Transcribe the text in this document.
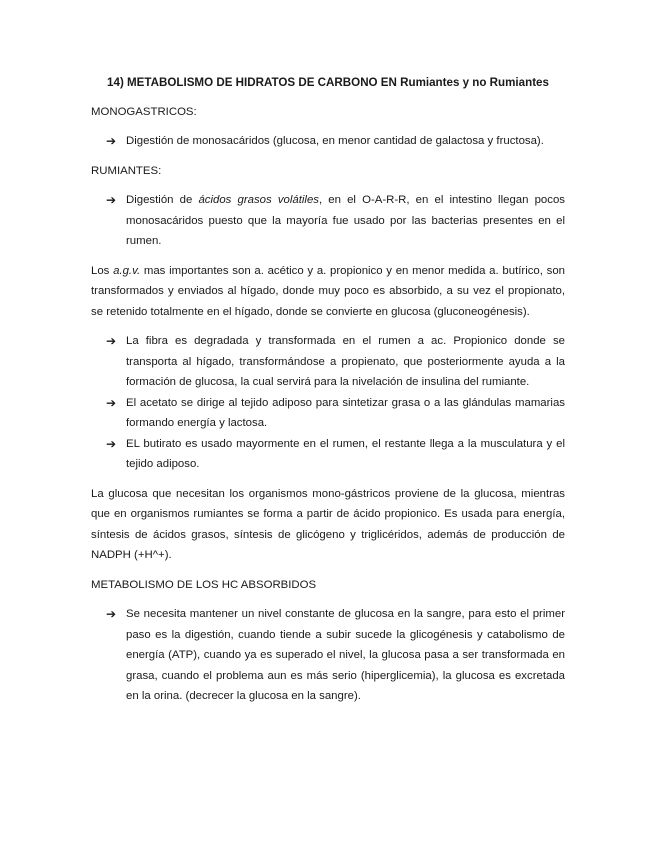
14) METABOLISMO DE HIDRATOS DE CARBONO EN Rumiantes y no Rumiantes

MONOGASTRICOS:

➔ Digestión de monosacáridos (glucosa, en menor cantidad de galactosa y fructosa).

RUMIANTES:

➔ Digestión de ácidos grasos volátiles, en el O-A-R-R, en el intestino llegan pocos monosacáridos puesto que la mayoría fue usado por las bacterias presentes en el rumen.

Los a.g.v. mas importantes son a. acético y a. propionico y en menor medida a. butírico, son transformados y enviados al hígado, donde muy poco es absorbido, a su vez el propionato, se retenido totalmente en el hígado, donde se convierte en glucosa (gluconeogénesis).

➔ La fibra es degradada y transformada en el rumen a ac. Propionico donde se transporta al hígado, transformándose a propienato, que posteriormente ayuda a la formación de glucosa, la cual servirá para la nivelación de insulina del rumiante.
➔ El acetato se dirige al tejido adiposo para sintetizar grasa o a las glándulas mamarias formando energía y lactosa.
➔ EL butirato es usado mayormente en el rumen, el restante llega a la musculatura y el tejido adiposo.

La glucosa que necesitan los organismos mono-gástricos proviene de la glucosa, mientras que en organismos rumiantes se forma a partir de ácido propionico. Es usada para energía, síntesis de ácidos grasos, síntesis de glicógeno y triglicéridos, además de producción de NADPH (+H^+).

METABOLISMO DE LOS HC ABSORBIDOS

➔ Se necesita mantener un nivel constante de glucosa en la sangre, para esto el primer paso es la digestión, cuando tiende a subir sucede la glicogénesis y catabolismo de energía (ATP), cuando ya es superado el nivel, la glucosa pasa a ser transformada en grasa, cuando el problema aun es más serio (hiperglicemia), la glucosa es excretada en la orina. (decrecer la glucosa en la sangre).
